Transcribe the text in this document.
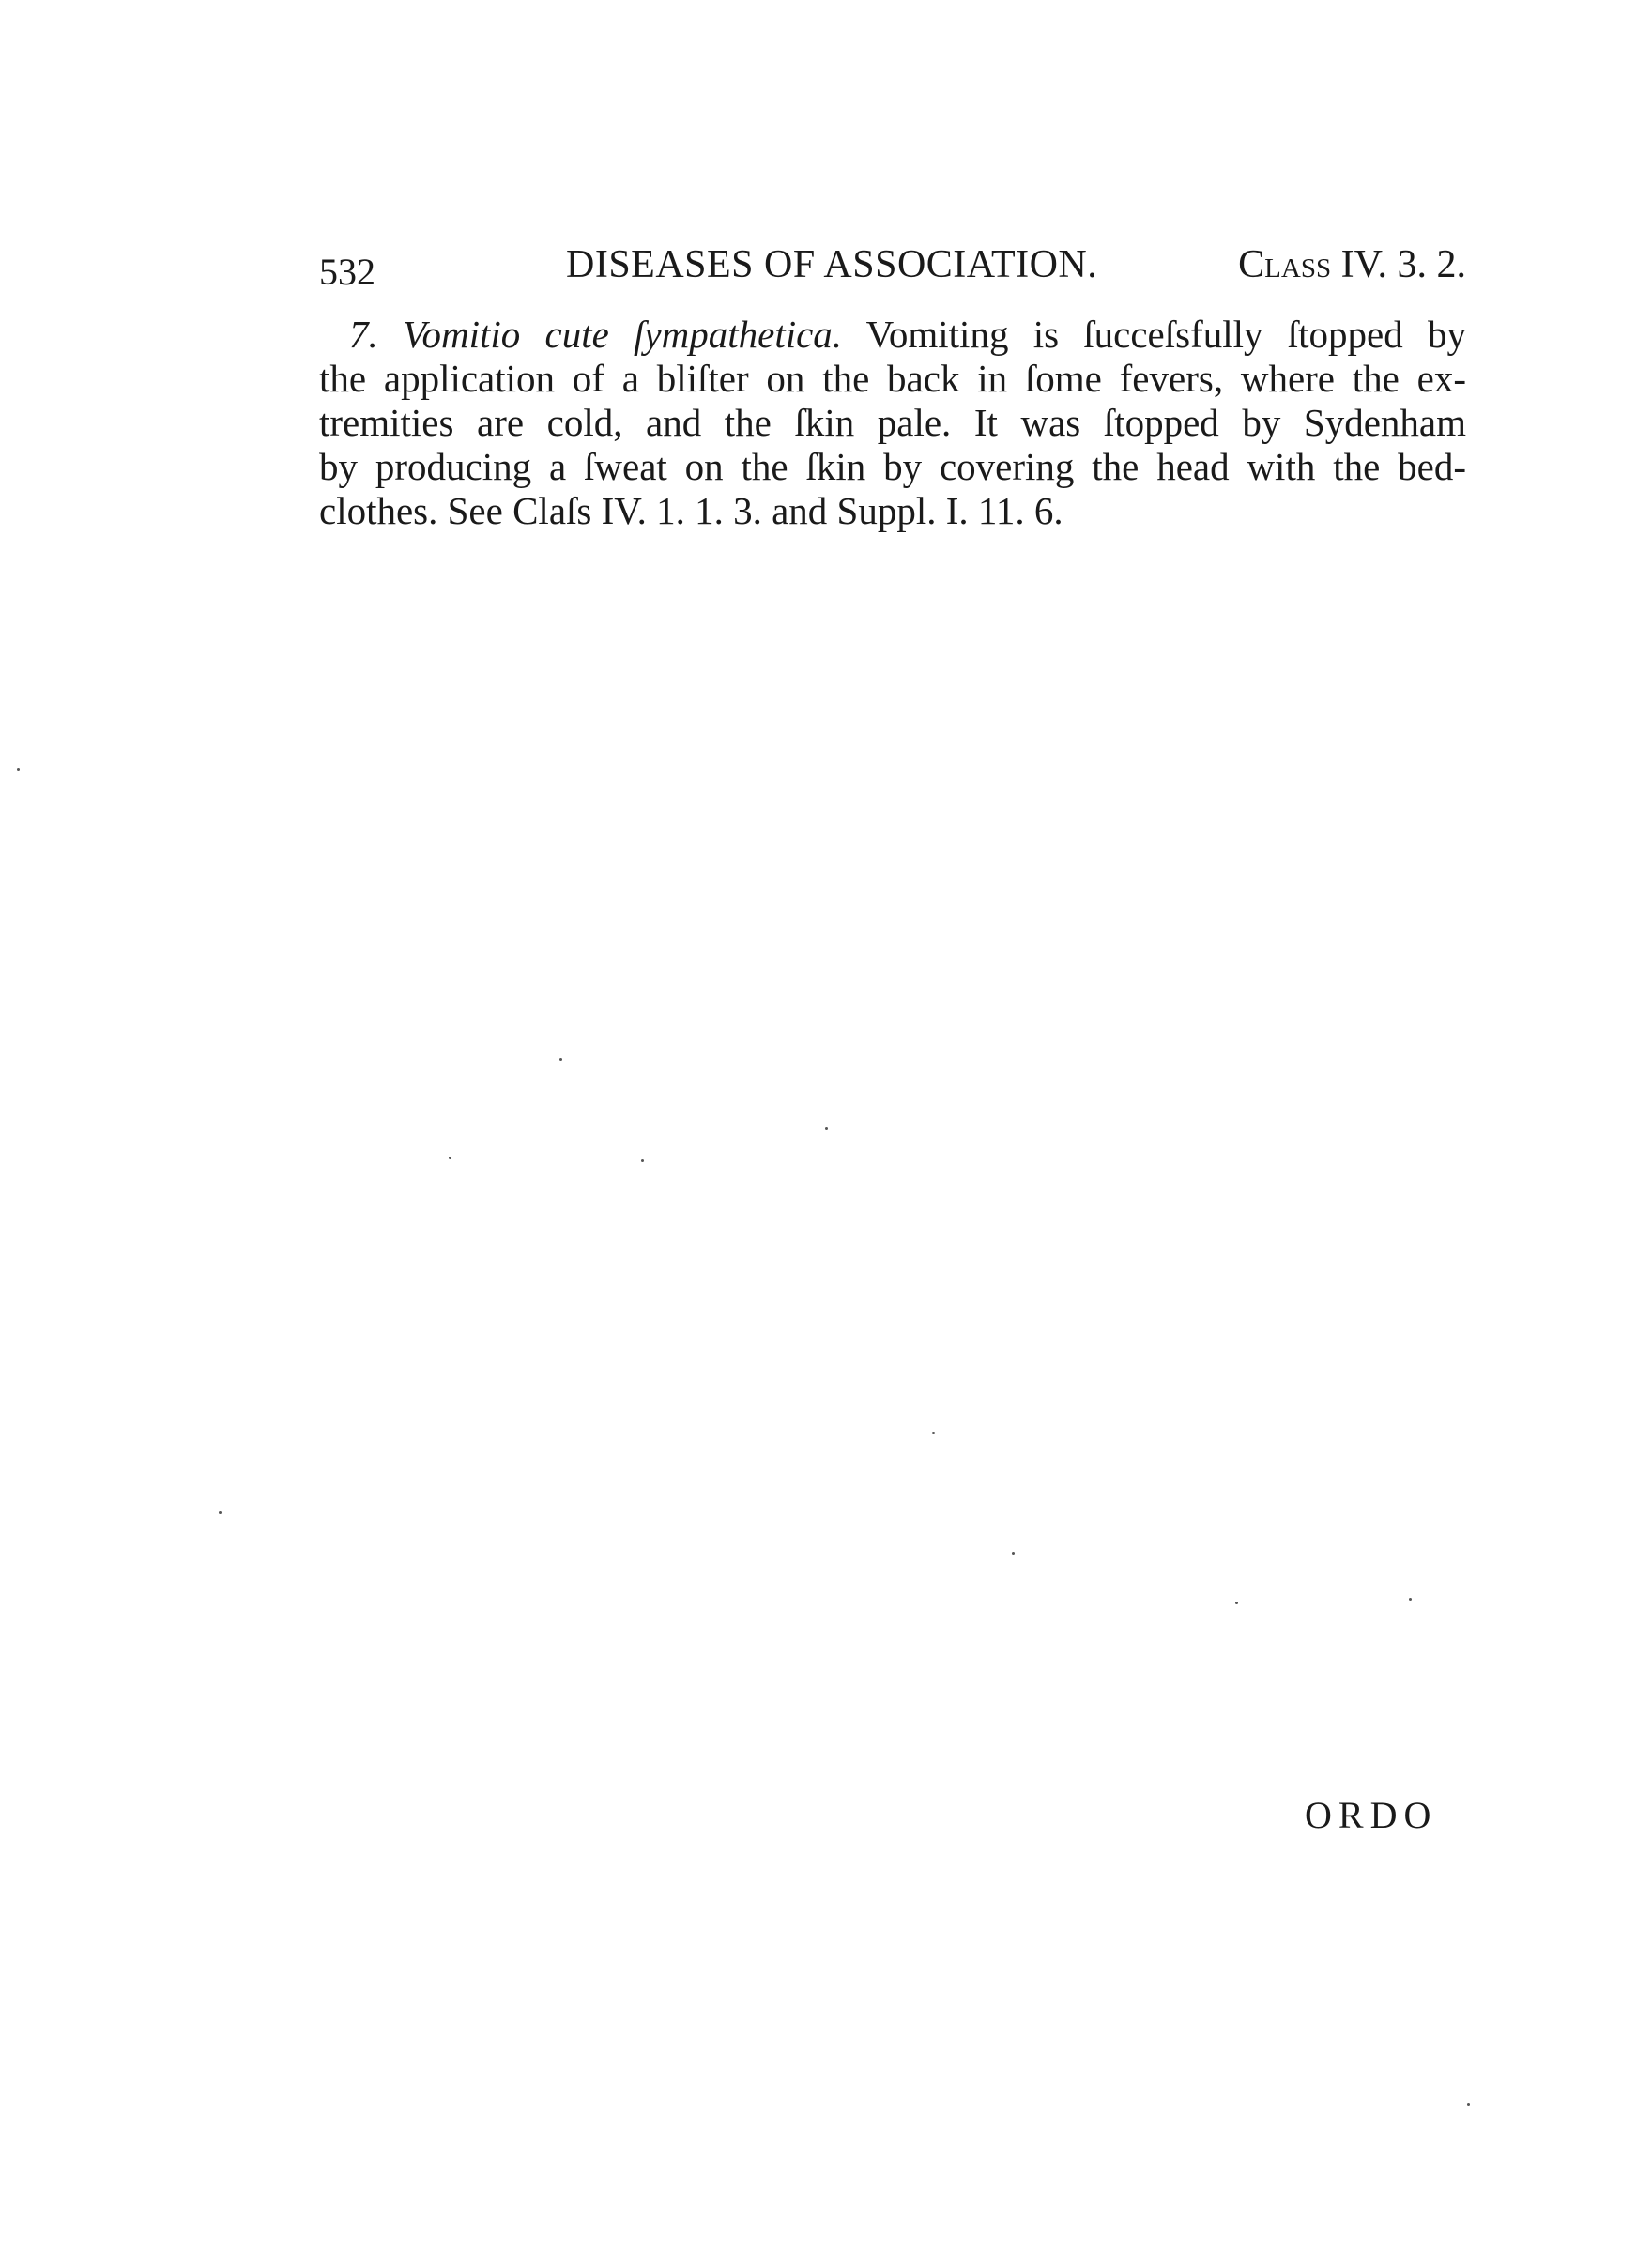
532	DISEASES OF ASSOCIATION.	Class IV. 3. 2.
7. Vomitio cute ſympathetica. Vomiting is ſucceſsfully ſtopped by
the application of a bliſter on the back in ſome fevers, where the ex-
tremities are cold, and the ſkin pale. It was ſtopped by Sydenham
by producing a ſweat on the ſkin by covering the head with the bed-
clothes. See Claſs IV. 1. 1. 3. and Suppl. I. 11. 6.
ORDO
